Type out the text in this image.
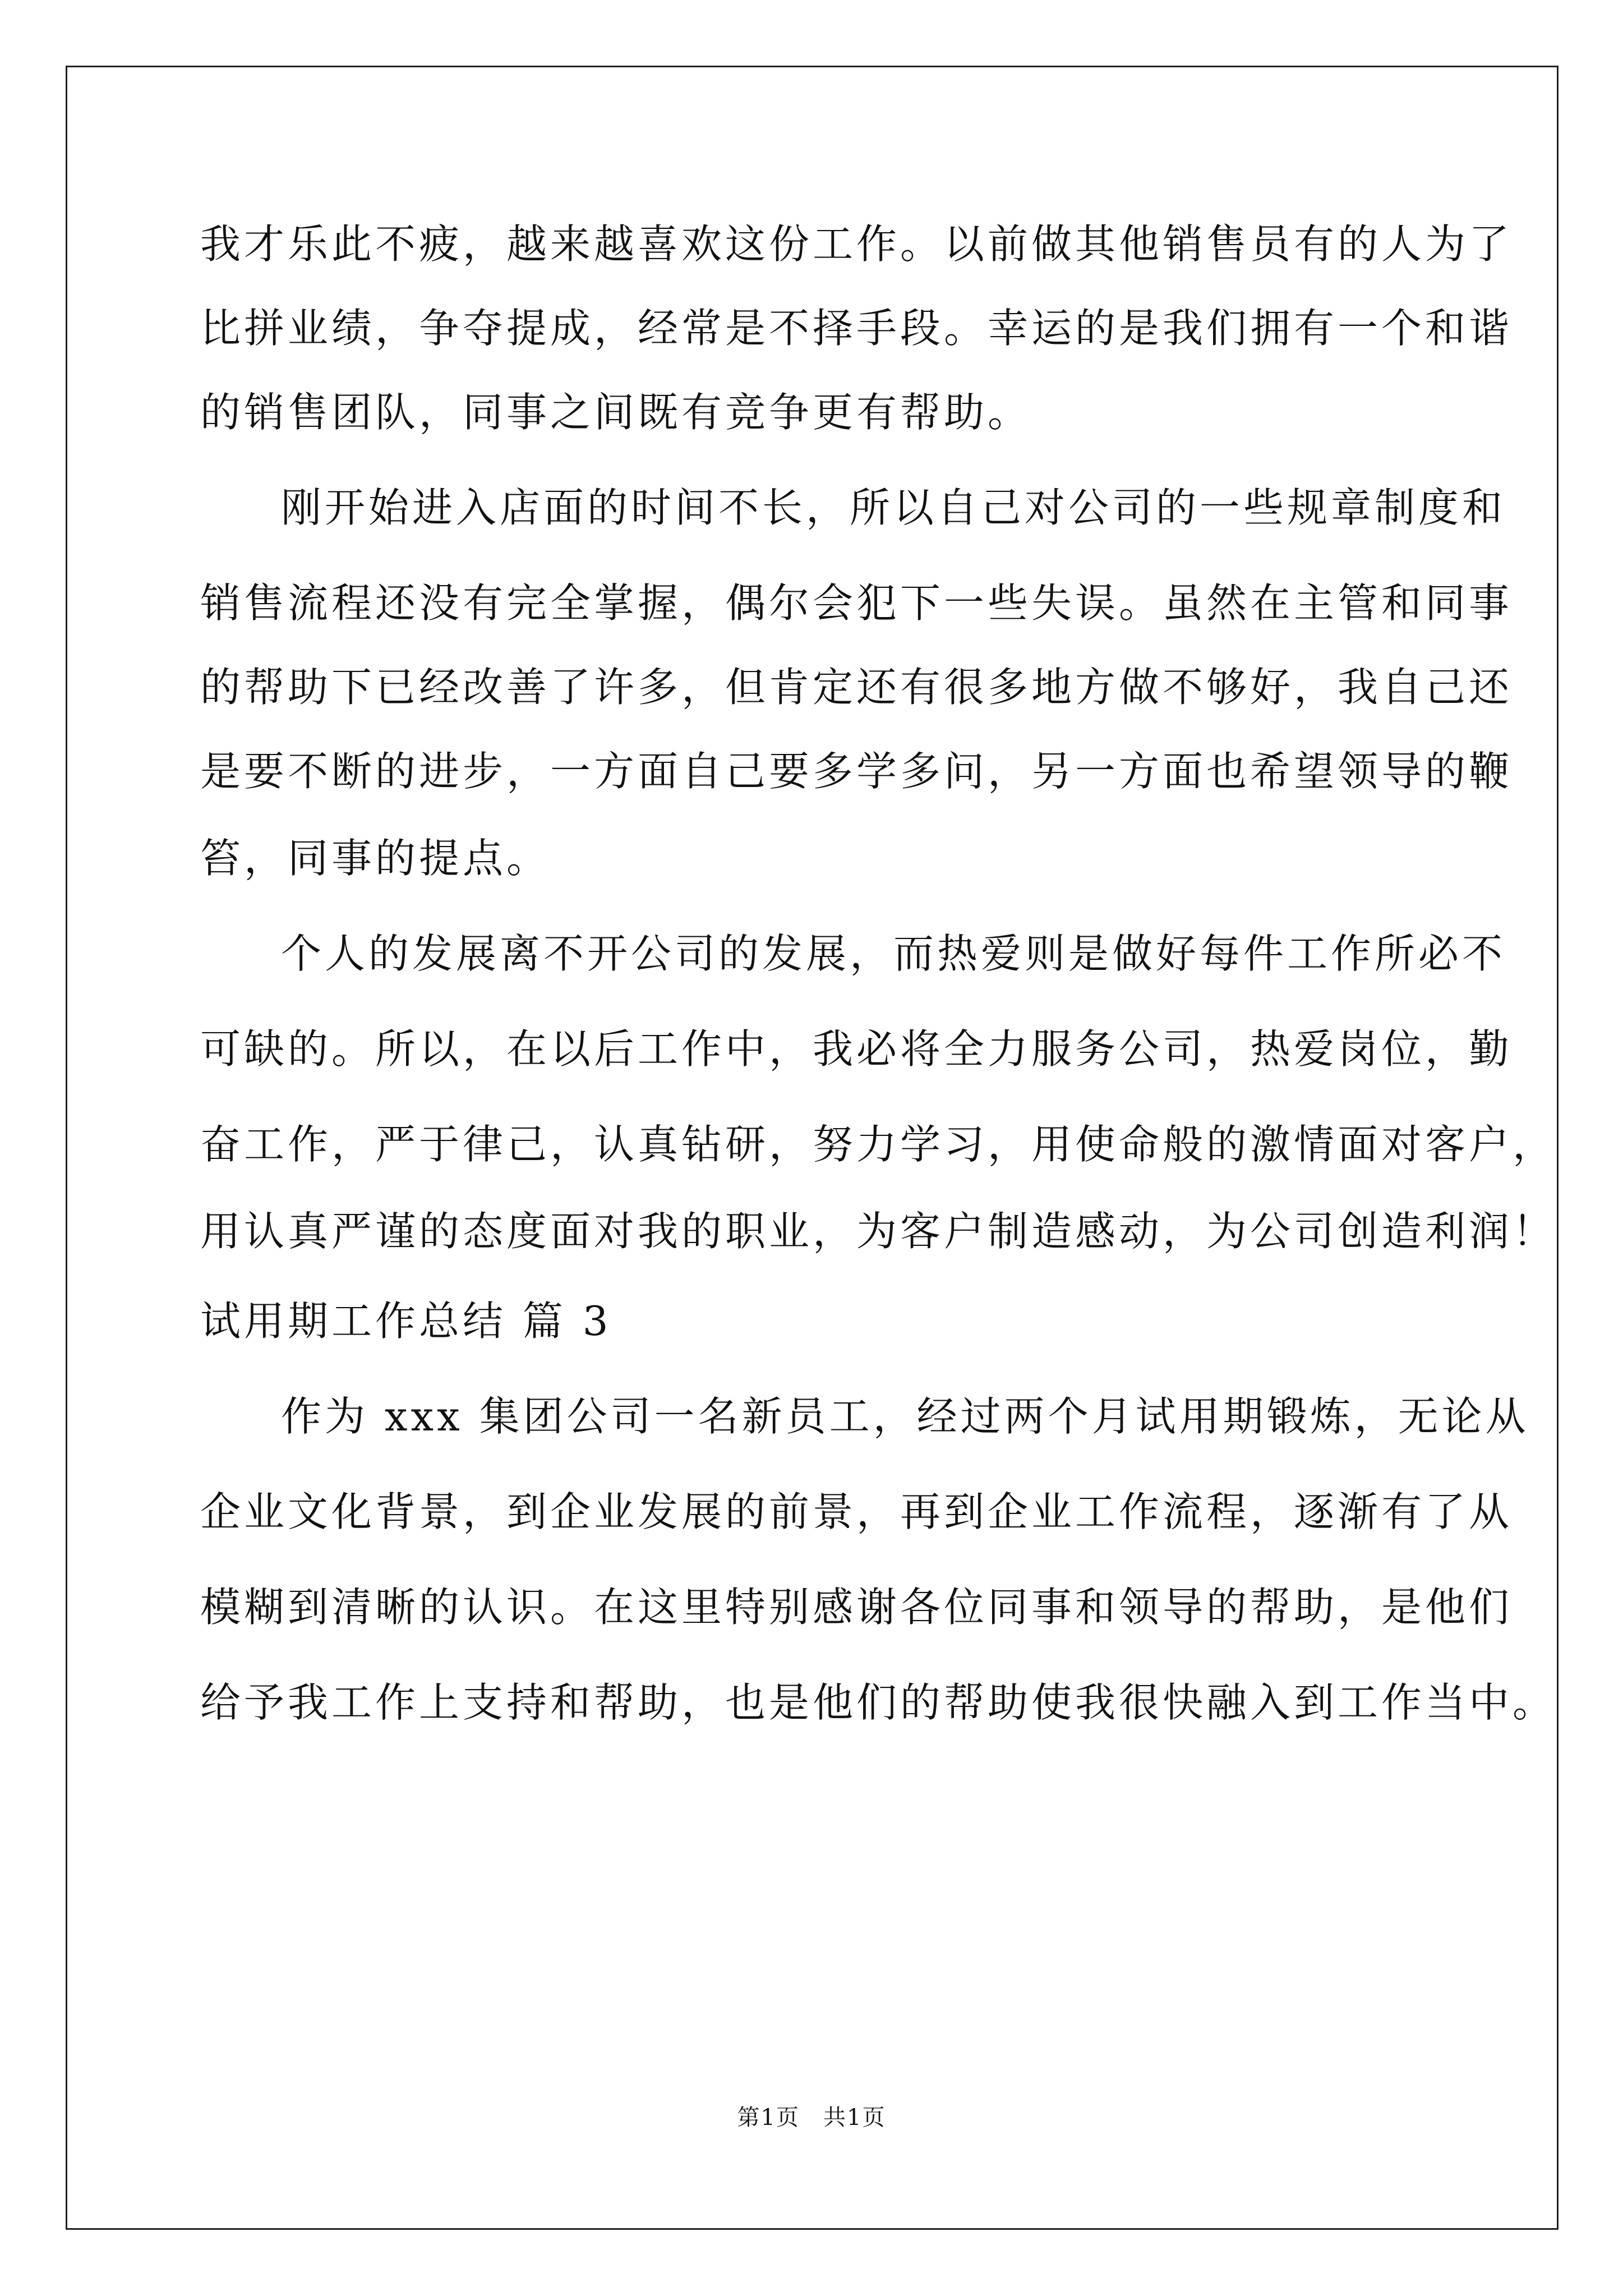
我才乐此不疲，越来越喜欢这份工作。以前做其他销售员有的人为了
比拼业绩，争夺提成，经常是不择手段。幸运的是我们拥有一个和谐
的销售团队，同事之间既有竞争更有帮助。
刚开始进入店面的时间不长，所以自己对公司的一些规章制度和
销售流程还没有完全掌握，偶尔会犯下一些失误。虽然在主管和同事
的帮助下已经改善了许多，但肯定还有很多地方做不够好，我自己还
是要不断的进步，一方面自己要多学多问，另一方面也希望领导的鞭
笞，同事的提点。
个人的发展离不开公司的发展，而热爱则是做好每件工作所必不
可缺的。所以，在以后工作中，我必将全力服务公司，热爱岗位，勤
奋工作，严于律己，认真钻研，努力学习，用使命般的激情面对客户，
用认真严谨的态度面对我的职业，为客户制造感动，为公司创造利润！
试用期工作总结 篇 3
作为 xxx 集团公司一名新员工，经过两个月试用期锻炼，无论从
企业文化背景，到企业发展的前景，再到企业工作流程，逐渐有了从
模糊到清晰的认识。在这里特别感谢各位同事和领导的帮助，是他们
给予我工作上支持和帮助，也是他们的帮助使我很快融入到工作当中。
第1页　共1页
